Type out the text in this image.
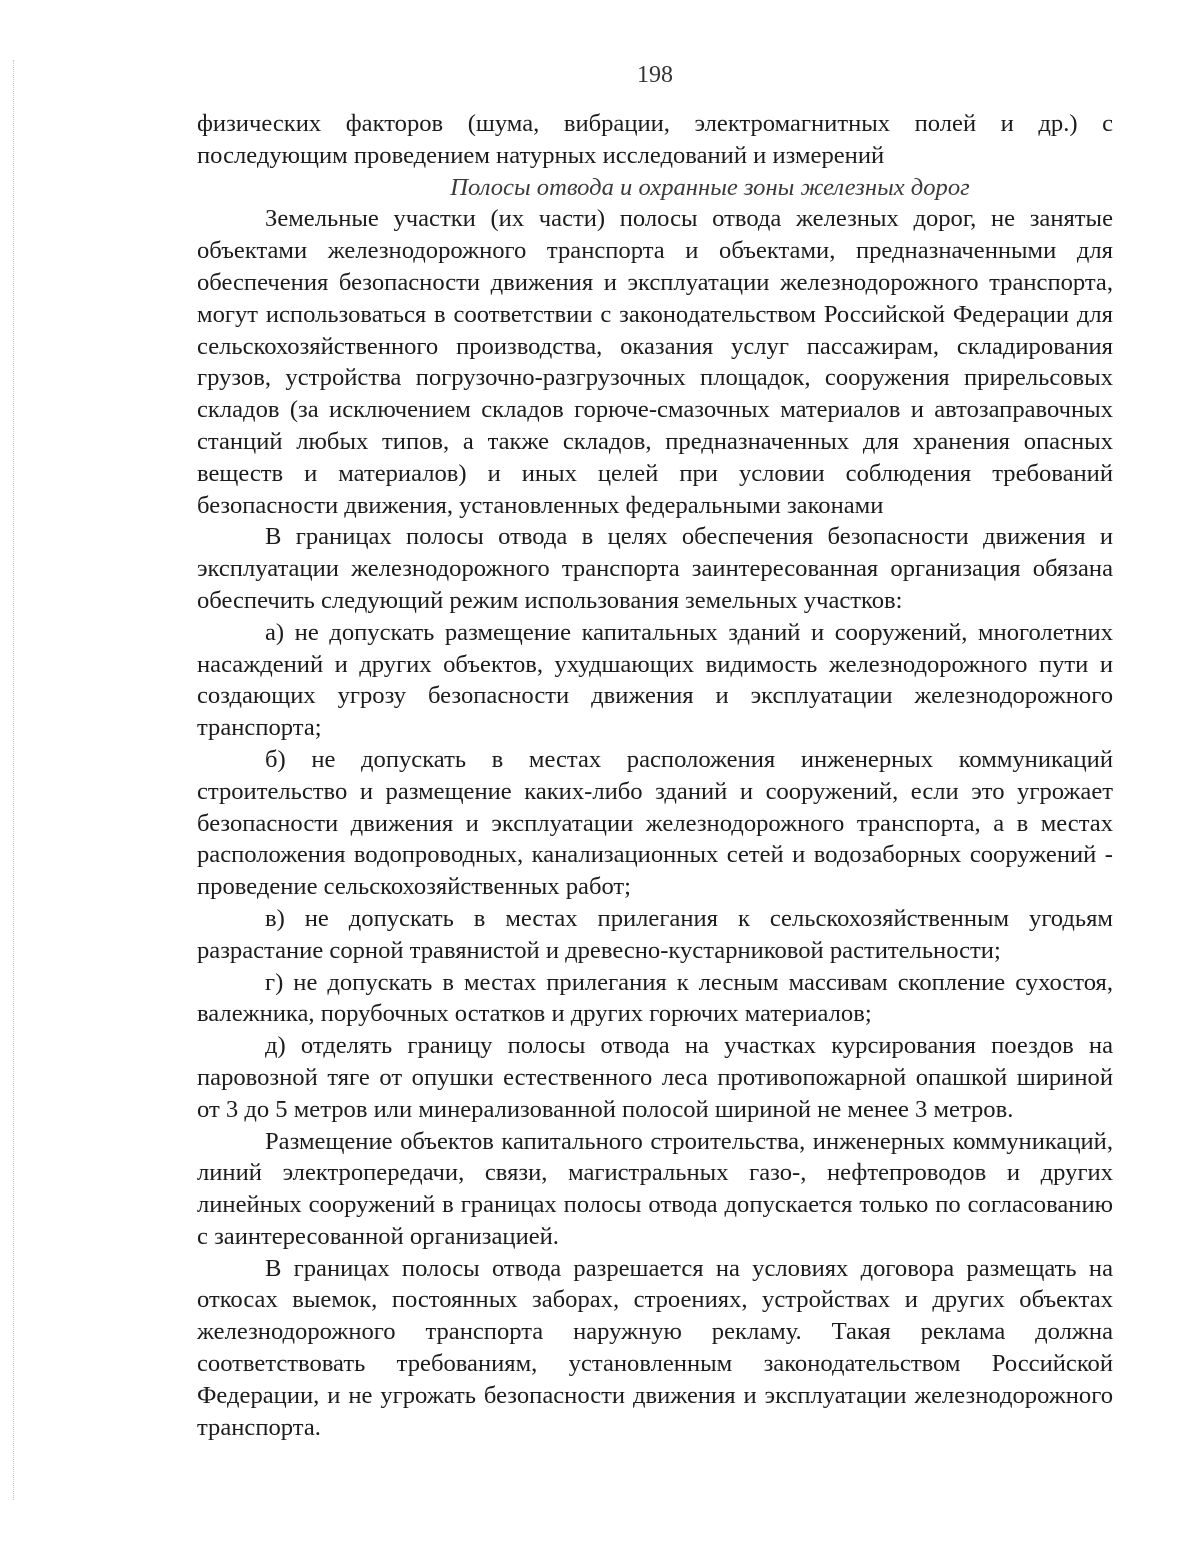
198

физических факторов (шума, вибрации, электромагнитных полей и др.) с последующим проведением натурных исследований и измерений

Полосы отвода и охранные зоны железных дорог

Земельные участки (их части) полосы отвода железных дорог, не занятые объектами железнодорожного транспорта и объектами, предназначенными для обеспечения безопасности движения и эксплуатации железнодорожного транспорта, могут использоваться в соответствии с законодательством Российской Федерации для сельскохозяйственного производства, оказания услуг пассажирам, складирования грузов, устройства погрузочно-разгрузочных площадок, сооружения прирельсовых складов (за исключением складов горюче-смазочных материалов и автозаправочных станций любых типов, а также складов, предназначенных для хранения опасных веществ и материалов) и иных целей при условии соблюдения требований безопасности движения, установленных федеральными законами

В границах полосы отвода в целях обеспечения безопасности движения и эксплуатации железнодорожного транспорта заинтересованная организация обязана обеспечить следующий режим использования земельных участков:

а) не допускать размещение капитальных зданий и сооружений, многолетних насаждений и других объектов, ухудшающих видимость железнодорожного пути и создающих угрозу безопасности движения и эксплуатации железнодорожного транспорта;

б) не допускать в местах расположения инженерных коммуникаций строительство и размещение каких-либо зданий и сооружений, если это угрожает безопасности движения и эксплуатации железнодорожного транспорта, а в местах расположения водопроводных, канализационных сетей и водозаборных сооружений - проведение сельскохозяйственных работ;

в) не допускать в местах прилегания к сельскохозяйственным угодьям разрастание сорной травянистой и древесно-кустарниковой растительности;

г) не допускать в местах прилегания к лесным массивам скопление сухостоя, валежника, порубочных остатков и других горючих материалов;

д) отделять границу полосы отвода на участках курсирования поездов на паровозной тяге от опушки естественного леса противопожарной опашкой шириной от 3 до 5 метров или минерализованной полосой шириной не менее 3 метров.

Размещение объектов капитального строительства, инженерных коммуникаций, линий электропередачи, связи, магистральных газо-, нефтепроводов и других линейных сооружений в границах полосы отвода допускается только по согласованию с заинтересованной организацией.

В границах полосы отвода разрешается на условиях договора размещать на откосах выемок, постоянных заборах, строениях, устройствах и других объектах железнодорожного транспорта наружную рекламу. Такая реклама должна соответствовать требованиям, установленным законодательством Российской Федерации, и не угрожать безопасности движения и эксплуатации железнодорожного транспорта.
